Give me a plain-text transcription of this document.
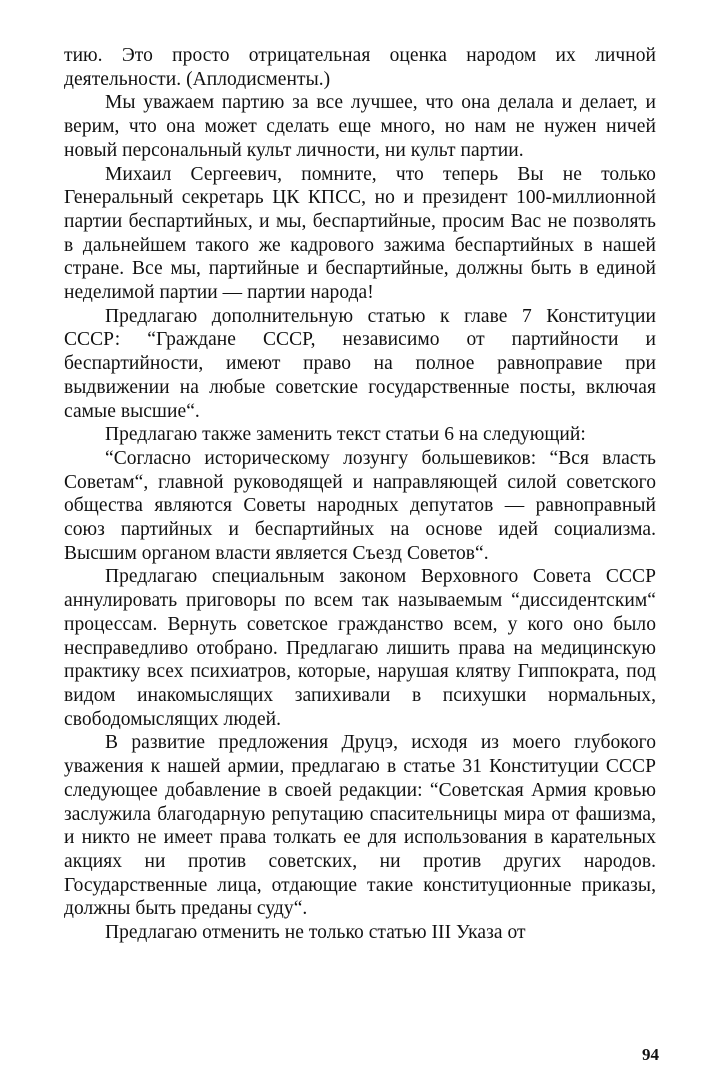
тию. Это просто отрицательная оценка народом их личной деятельности. (Аплодисменты.)

Мы уважаем партию за все лучшее, что она делала и делает, и верим, что она может сделать еще много, но нам не нужен ничей новый персональный культ личности, ни культ партии.

Михаил Сергеевич, помните, что теперь Вы не только Генеральный секретарь ЦК КПСС, но и президент 100-миллионной партии беспартийных, и мы, беспартийные, просим Вас не позволять в дальнейшем такого же кадрового зажима беспартийных в нашей стране. Все мы, партийные и беспартийные, должны быть в единой неделимой партии — партии народа!

Предлагаю дополнительную статью к главе 7 Конституции СССР: “Граждане СССР, независимо от партийности и беспартийности, имеют право на полное равноправие при выдвижении на любые советские государственные посты, включая самые высшие“.

Предлагаю также заменить текст статьи 6 на следующий:

“Согласно историческому лозунгу большевиков: “Вся власть Советам“, главной руководящей и направляющей силой советского общества являются Советы народных депутатов — равноправный союз партийных и беспартийных на основе идей социализма. Высшим органом власти является Съезд Советов“.

Предлагаю специальным законом Верховного Совета СССР аннулировать приговоры по всем так называемым “диссидентским“ процессам. Вернуть советское гражданство всем, у кого оно было несправедливо отобрано. Предлагаю лишить права на медицинскую практику всех психиатров, которые, нарушая клятву Гиппократа, под видом инакомыслящих запихивали в психушки нормальных, свободомыслящих людей.

В развитие предложения Друцэ, исходя из моего глубокого уважения к нашей армии, предлагаю в статье 31 Конституции СССР следующее добавление в своей редакции: “Советская Армия кровью заслужила благодарную репутацию спасительницы мира от фашизма, и никто не имеет права толкать ее для использования в карательных акциях ни против советских, ни против других народов. Государственные лица, отдающие такие конституционные приказы, должны быть преданы суду“.

Предлагаю отменить не только статью III Указа от

94
